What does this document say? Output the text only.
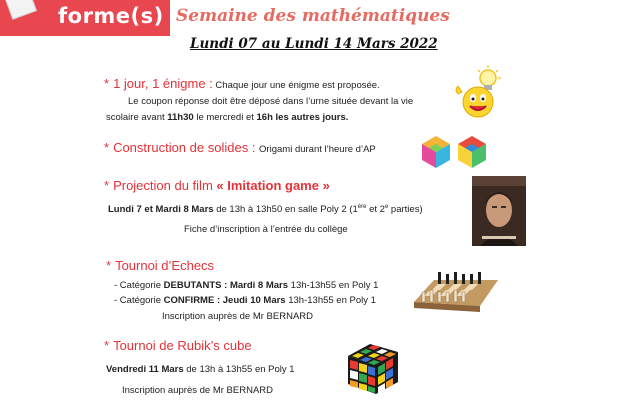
forme(s) Semaine des mathématiques
Lundi 07 au Lundi 14 Mars 2022
* 1 jour, 1 énigme : Chaque jour une énigme est proposée.
Le coupon réponse doit être déposé dans l’urne située devant la vie
scolaire avant 11h30 le mercredi et 16h les autres jours.
* Construction de solides : Origami durant l’heure d’AP
* Projection du film « Imitation game »
Lundi 7 et Mardi 8 Mars de 13h à 13h50 en salle Poly 2 (1ère et 2e parties)
Fiche d’inscription à l’entrée du collège
* Tournoi d’Echecs
- Catégorie DEBUTANTS : Mardi 8 Mars 13h-13h55 en Poly 1
- Catégorie CONFIRME : Jeudi 10 Mars 13h-13h55 en Poly 1
Inscription auprès de Mr BERNARD
* Tournoi de Rubik’s cube
Vendredi 11 Mars de 13h à 13h55 en Poly 1
Inscription auprès de Mr BERNARD
